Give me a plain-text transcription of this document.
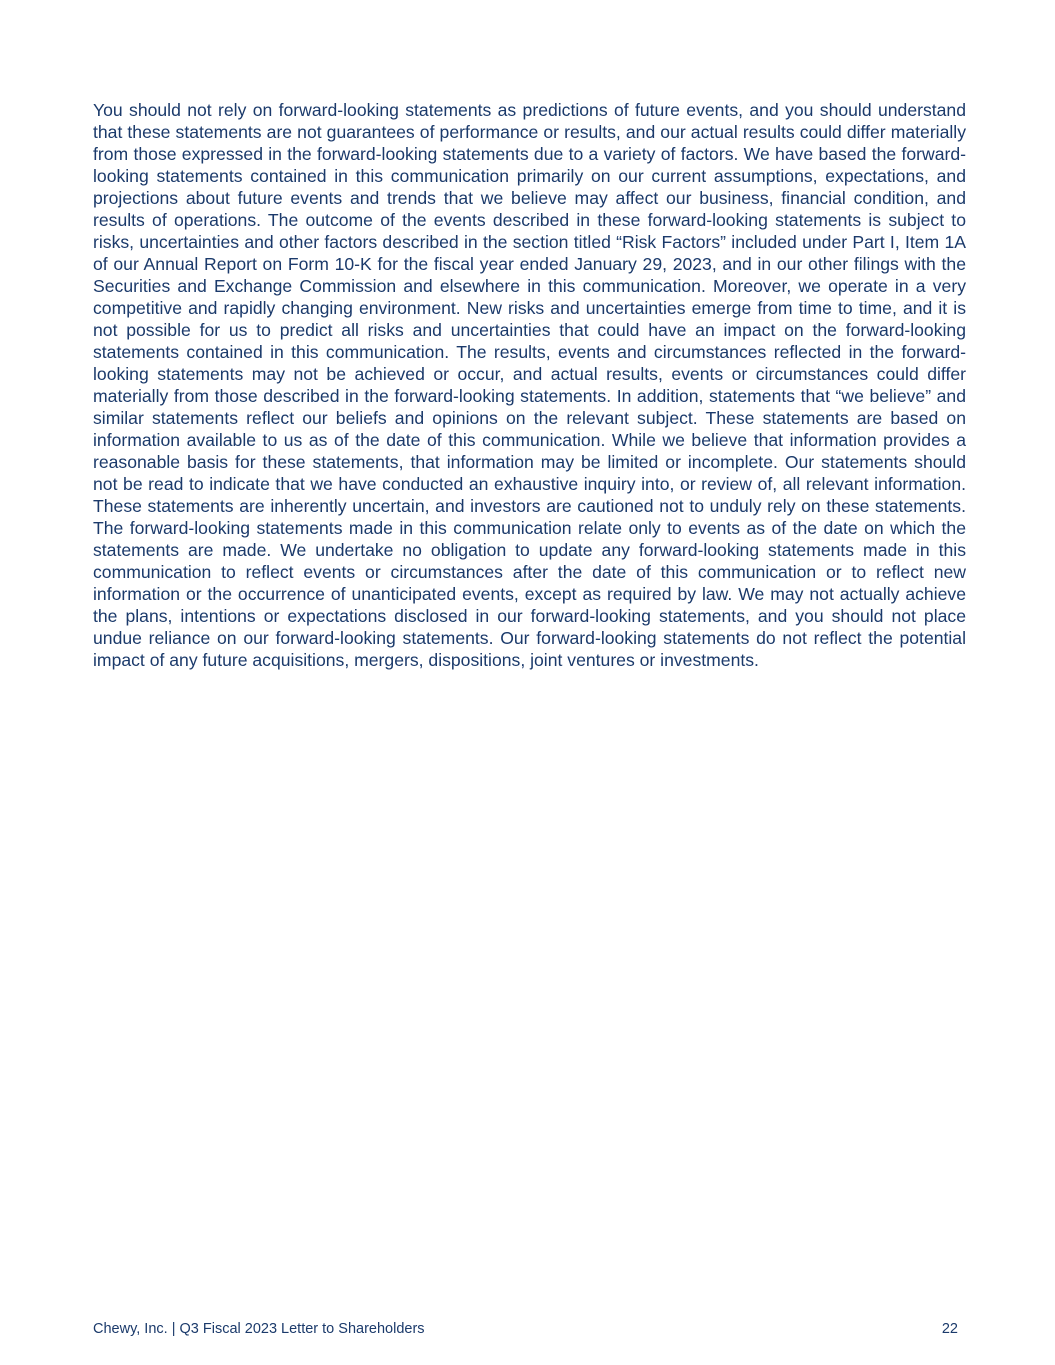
You should not rely on forward-looking statements as predictions of future events, and you should understand that these statements are not guarantees of performance or results, and our actual results could differ materially from those expressed in the forward-looking statements due to a variety of factors. We have based the forward-looking statements contained in this communication primarily on our current assumptions, expectations, and projections about future events and trends that we believe may affect our business, financial condition, and results of operations. The outcome of the events described in these forward-looking statements is subject to risks, uncertainties and other factors described in the section titled “Risk Factors” included under Part I, Item 1A of our Annual Report on Form 10-K for the fiscal year ended January 29, 2023, and in our other filings with the Securities and Exchange Commission and elsewhere in this communication. Moreover, we operate in a very competitive and rapidly changing environment. New risks and uncertainties emerge from time to time, and it is not possible for us to predict all risks and uncertainties that could have an impact on the forward-looking statements contained in this communication. The results, events and circumstances reflected in the forward-looking statements may not be achieved or occur, and actual results, events or circumstances could differ materially from those described in the forward-looking statements. In addition, statements that “we believe” and similar statements reflect our beliefs and opinions on the relevant subject. These statements are based on information available to us as of the date of this communication. While we believe that information provides a reasonable basis for these statements, that information may be limited or incomplete. Our statements should not be read to indicate that we have conducted an exhaustive inquiry into, or review of, all relevant information. These statements are inherently uncertain, and investors are cautioned not to unduly rely on these statements. The forward-looking statements made in this communication relate only to events as of the date on which the statements are made. We undertake no obligation to update any forward-looking statements made in this communication to reflect events or circumstances after the date of this communication or to reflect new information or the occurrence of unanticipated events, except as required by law. We may not actually achieve the plans, intentions or expectations disclosed in our forward-looking statements, and you should not place undue reliance on our forward-looking statements. Our forward-looking statements do not reflect the potential impact of any future acquisitions, mergers, dispositions, joint ventures or investments.

Chewy, Inc. | Q3 Fiscal 2023 Letter to Shareholders	22
